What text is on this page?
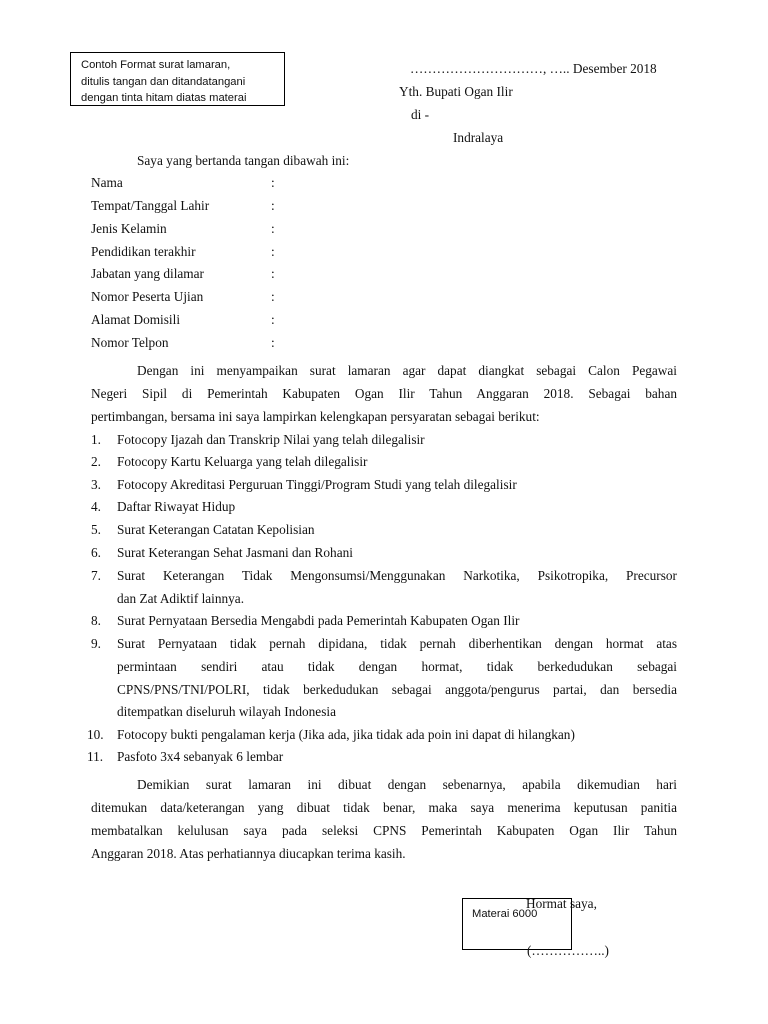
Contoh Format surat lamaran,
ditulis tangan dan ditandatangani
dengan tinta hitam diatas materai
…………………………, ….. Desember 2018
Yth. Bupati Ogan Ilir
di -
Indralaya
Saya yang bertanda tangan dibawah ini:
Nama	:
Tempat/Tanggal Lahir	:
Jenis Kelamin	:
Pendidikan terakhir	:
Jabatan yang dilamar	:
Nomor Peserta Ujian	:
Alamat Domisili	:
Nomor Telpon	:
Dengan ini menyampaikan surat lamaran agar dapat diangkat sebagai Calon Pegawai
Negeri Sipil di Pemerintah Kabupaten Ogan Ilir Tahun Anggaran 2018. Sebagai bahan
pertimbangan, bersama ini saya lampirkan kelengkapan persyaratan sebagai berikut:
1.	Fotocopy Ijazah dan Transkrip Nilai yang telah dilegalisir
2.	Fotocopy Kartu Keluarga yang telah dilegalisir
3.	Fotocopy Akreditasi Perguruan Tinggi/Program Studi yang telah dilegalisir
4.	Daftar Riwayat Hidup
5.	Surat Keterangan Catatan Kepolisian
6.	Surat Keterangan Sehat Jasmani dan Rohani
7.	Surat Keterangan Tidak Mengonsumsi/Menggunakan Narkotika, Psikotropika, Precursor
dan Zat Adiktif lainnya.
8.	Surat Pernyataan Bersedia Mengabdi pada Pemerintah Kabupaten Ogan Ilir
9.	Surat Pernyataan tidak pernah dipidana, tidak pernah diberhentikan dengan hormat atas
permintaan sendiri atau tidak dengan hormat, tidak berkedudukan sebagai
CPNS/PNS/TNI/POLRI, tidak berkedudukan sebagai anggota/pengurus partai, dan bersedia
ditempatkan diseluruh wilayah Indonesia
10.	Fotocopy bukti pengalaman kerja (Jika ada, jika tidak ada poin ini dapat di hilangkan)
11.	Pasfoto 3x4 sebanyak 6 lembar
Demikian surat lamaran ini dibuat dengan sebenarnya, apabila dikemudian hari
ditemukan data/keterangan yang dibuat tidak benar, maka saya menerima keputusan panitia
membatalkan kelulusan saya pada seleksi CPNS Pemerintah Kabupaten Ogan Ilir Tahun
Anggaran 2018. Atas perhatiannya diucapkan terima kasih.
Hormat saya,
Materai 6000
(……………..)
